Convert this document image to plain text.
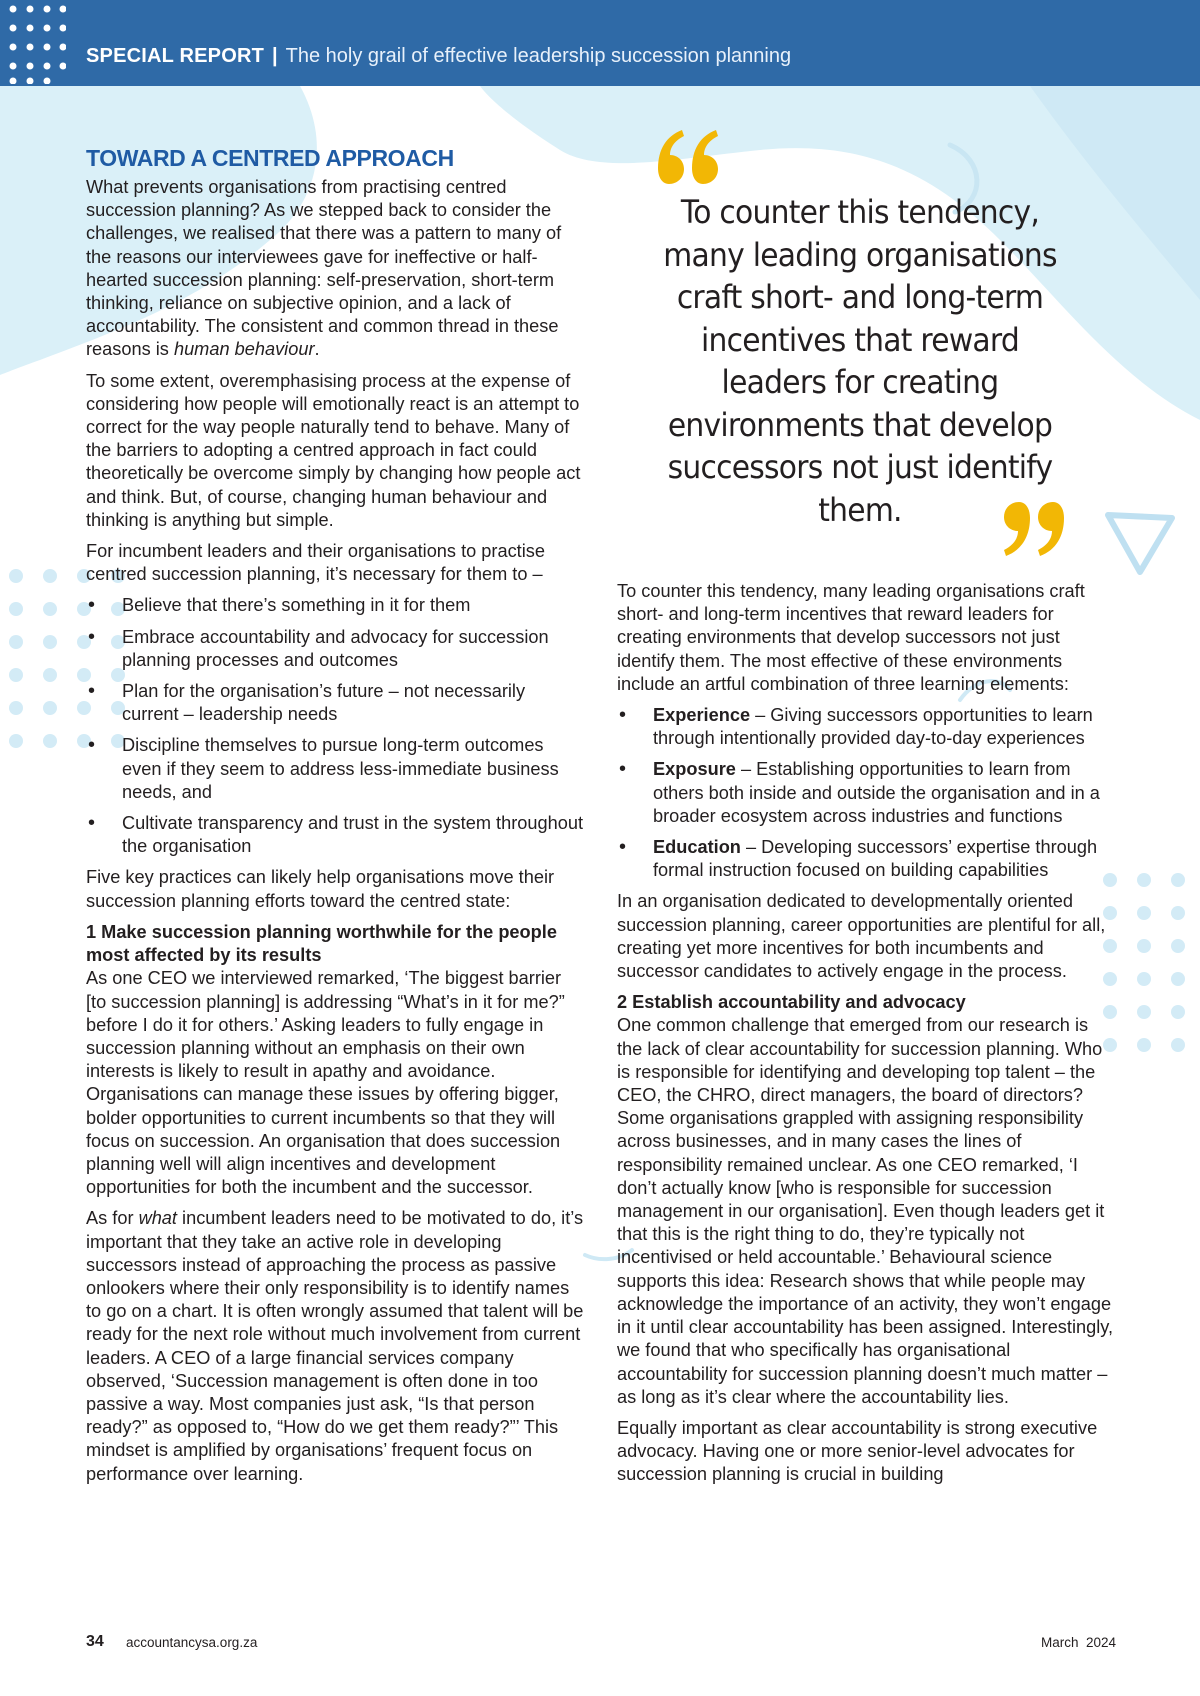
SPECIAL REPORT | The holy grail of effective leadership succession planning
TOWARD A CENTRED APPROACH

What prevents organisations from practising centred succession planning? As we stepped back to consider the challenges, we realised that there was a pattern to many of the reasons our interviewees gave for ineffective or half-hearted succession planning: self-preservation, short-term thinking, reliance on subjective opinion, and a lack of accountability. The consistent and common thread in these reasons is human behaviour.

To some extent, overemphasising process at the expense of considering how people will emotionally react is an attempt to correct for the way people naturally tend to behave. Many of the barriers to adopting a centred approach in fact could theoretically be overcome simply by changing how people act and think. But, of course, changing human behaviour and thinking is anything but simple.

For incumbent leaders and their organisations to practise centred succession planning, it’s necessary for them to –

• Believe that there’s something in it for them
• Embrace accountability and advocacy for succession planning processes and outcomes
• Plan for the organisation’s future – not necessarily current – leadership needs
• Discipline themselves to pursue long-term outcomes even if they seem to address less-immediate business needs, and
• Cultivate transparency and trust in the system throughout the organisation

Five key practices can likely help organisations move their succession planning efforts toward the centred state:

1 Make succession planning worthwhile for the people most affected by its results

As one CEO we interviewed remarked, ‘The biggest barrier [to succession planning] is addressing “What’s in it for me?” before I do it for others.’ Asking leaders to fully engage in succession planning without an emphasis on their own interests is likely to result in apathy and avoidance. Organisations can manage these issues by offering bigger, bolder opportunities to current incumbents so that they will focus on succession. An organisation that does succession planning well will align incentives and development opportunities for both the incumbent and the successor.

As for what incumbent leaders need to be motivated to do, it’s important that they take an active role in developing successors instead of approaching the process as passive onlookers where their only responsibility is to identify names to go on a chart. It is often wrongly assumed that talent will be ready for the next role without much involvement from current leaders. A CEO of a large financial services company observed, ‘Succession management is often done in too passive a way. Most companies just ask, “Is that person ready?” as opposed to, “How do we get them ready?”’ This mindset is amplified by organisations’ frequent focus on performance over learning.

To counter this tendency, many leading organisations craft short- and long-term incentives that reward leaders for creating environments that develop successors not just identify them.

To counter this tendency, many leading organisations craft short- and long-term incentives that reward leaders for creating environments that develop successors not just identify them. The most effective of these environments include an artful combination of three learning elements:

• Experience – Giving successors opportunities to learn through intentionally provided day-to-day experiences
• Exposure – Establishing opportunities to learn from others both inside and outside the organisation and in a broader ecosystem across industries and functions
• Education – Developing successors’ expertise through formal instruction focused on building capabilities

In an organisation dedicated to developmentally oriented succession planning, career opportunities are plentiful for all, creating yet more incentives for both incumbents and successor candidates to actively engage in the process.

2 Establish accountability and advocacy

One common challenge that emerged from our research is the lack of clear accountability for succession planning. Who is responsible for identifying and developing top talent – the CEO, the CHRO, direct managers, the board of directors? Some organisations grappled with assigning responsibility across businesses, and in many cases the lines of responsibility remained unclear. As one CEO remarked, ‘I don’t actually know [who is responsible for succession management in our organisation]. Even though leaders get it that this is the right thing to do, they’re typically not incentivised or held accountable.’ Behavioural science supports this idea: Research shows that while people may acknowledge the importance of an activity, they won’t engage in it until clear accountability has been assigned. Interestingly, we found that who specifically has organisational accountability for succession planning doesn’t much matter – as long as it’s clear where the accountability lies.

Equally important as clear accountability is strong executive advocacy. Having one or more senior-level advocates for succession planning is crucial in building

34 accountancysa.org.za	March  2024
